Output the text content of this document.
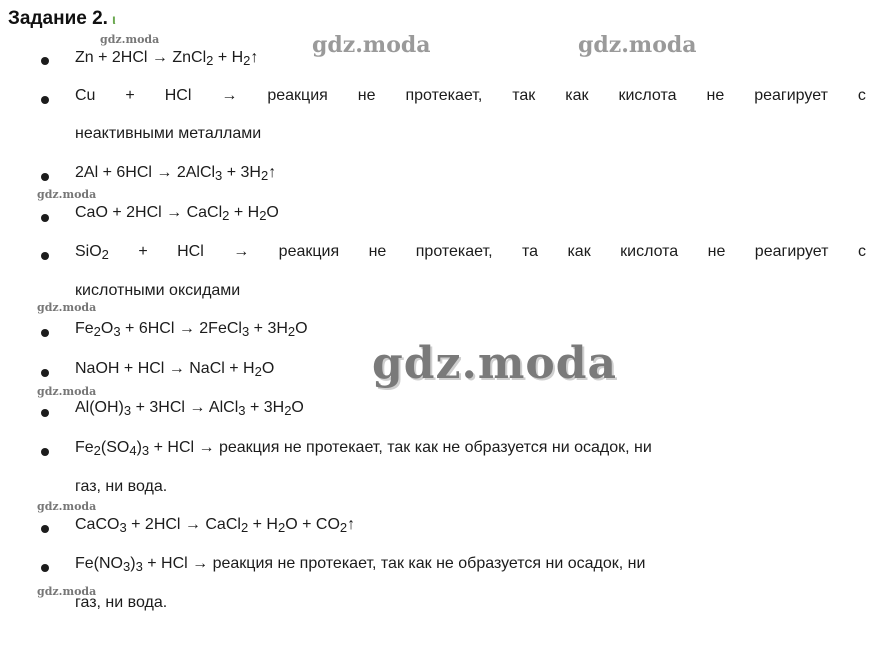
Задание 2. ι
gdz.moda	gdz.moda	gdz.moda
gdz.moda
gdz.moda
gdz.moda
gdz.moda
gdz.moda
gdz.moda
Zn + 2HCl → ZnCl$_2$ + $H_2↑$
Cu + HCl → реакция не протекает, так как кислота не реагирует с
неактивными металлами
2Al + 6HCl → 2AlCl$_3$ + $3H_2↑$
CaO + 2HCl → CaCl$_2$ + $H_2O$
SiO$_2$ + HCl → реакция не протекает, та как кислота не реагирует с
кислотными оксидами
$Fe_2O_3 + 6HCl$ → 2FeCl$_3$ + $3H_2O$
NaOH + HCl → NaCl + $H_2O$
$Al(OH)_3 + 3HCl$ → AlCl$_3$ + $3H_2O$
$Fe_2(SO_4)_3$ + HCl → реакция не протекает, так как не образуется ни осадок, ни
газ, ни вода.
CaCO$_3$ + 2HCl → CaCl$_2$ + $H_2O$ + $CO_2↑$
$Fe(NO_3)_3$ + HCl → реакция не протекает, так как не образуется ни осадок, ни
газ, ни вода.
